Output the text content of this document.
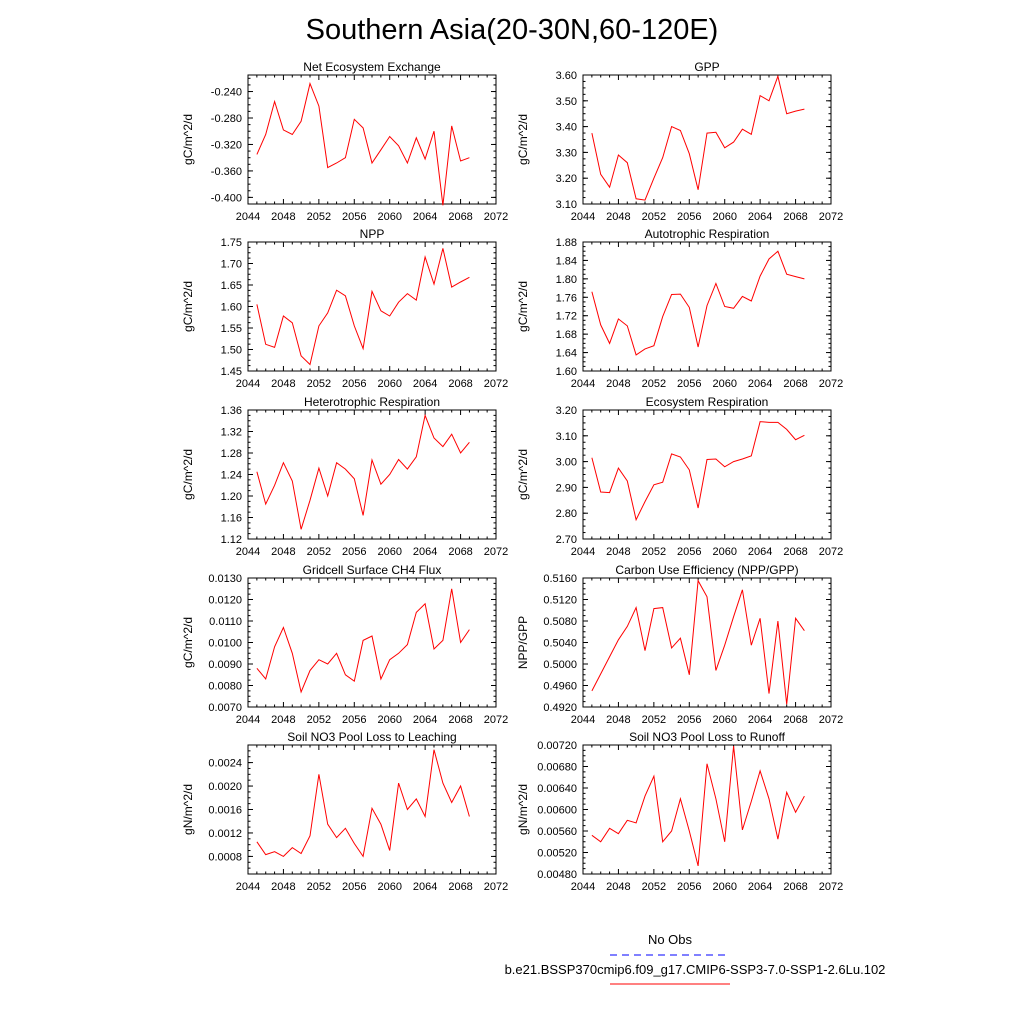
Southern Asia(20-30N,60-120E)
Net Ecosystem Exchange
gC/m^2/d
2044 2048 2052 2056 2060 2064 2068 2072
-0.240
-0.280
-0.320
-0.360
-0.400
GPP
gC/m^2/d
2044 2048 2052 2056 2060 2064 2068 2072
3.60
3.50
3.40
3.30
3.20
3.10
NPP
gC/m^2/d
2044 2048 2052 2056 2060 2064 2068 2072
1.75
1.70
1.65
1.60
1.55
1.50
1.45
Autotrophic Respiration
gC/m^2/d
2044 2048 2052 2056 2060 2064 2068 2072
1.88
1.84
1.80
1.76
1.72
1.68
1.64
1.60
Heterotrophic Respiration
gC/m^2/d
2044 2048 2052 2056 2060 2064 2068 2072
1.36
1.32
1.28
1.24
1.20
1.16
1.12
Ecosystem Respiration
gC/m^2/d
2044 2048 2052 2056 2060 2064 2068 2072
3.20
3.10
3.00
2.90
2.80
2.70
Gridcell Surface CH4 Flux
gC/m^2/d
2044 2048 2052 2056 2060 2064 2068 2072
0.0130
0.0120
0.0110
0.0100
0.0090
0.0080
0.0070
Carbon Use Efficiency (NPP/GPP)
NPP/GPP
2044 2048 2052 2056 2060 2064 2068 2072
0.5160
0.5120
0.5080
0.5040
0.5000
0.4960
0.4920
Soil NO3 Pool Loss to Leaching
gN/m^2/d
2044 2048 2052 2056 2060 2064 2068 2072
0.0024
0.0020
0.0016
0.0012
0.0008
Soil NO3 Pool Loss to Runoff
gN/m^2/d
2044 2048 2052 2056 2060 2064 2068 2072
0.00720
0.00680
0.00640
0.00600
0.00560
0.00520
0.00480
No Obs
b.e21.BSSP370cmip6.f09_g17.CMIP6-SSP3-7.0-SSP1-2.6Lu.102
